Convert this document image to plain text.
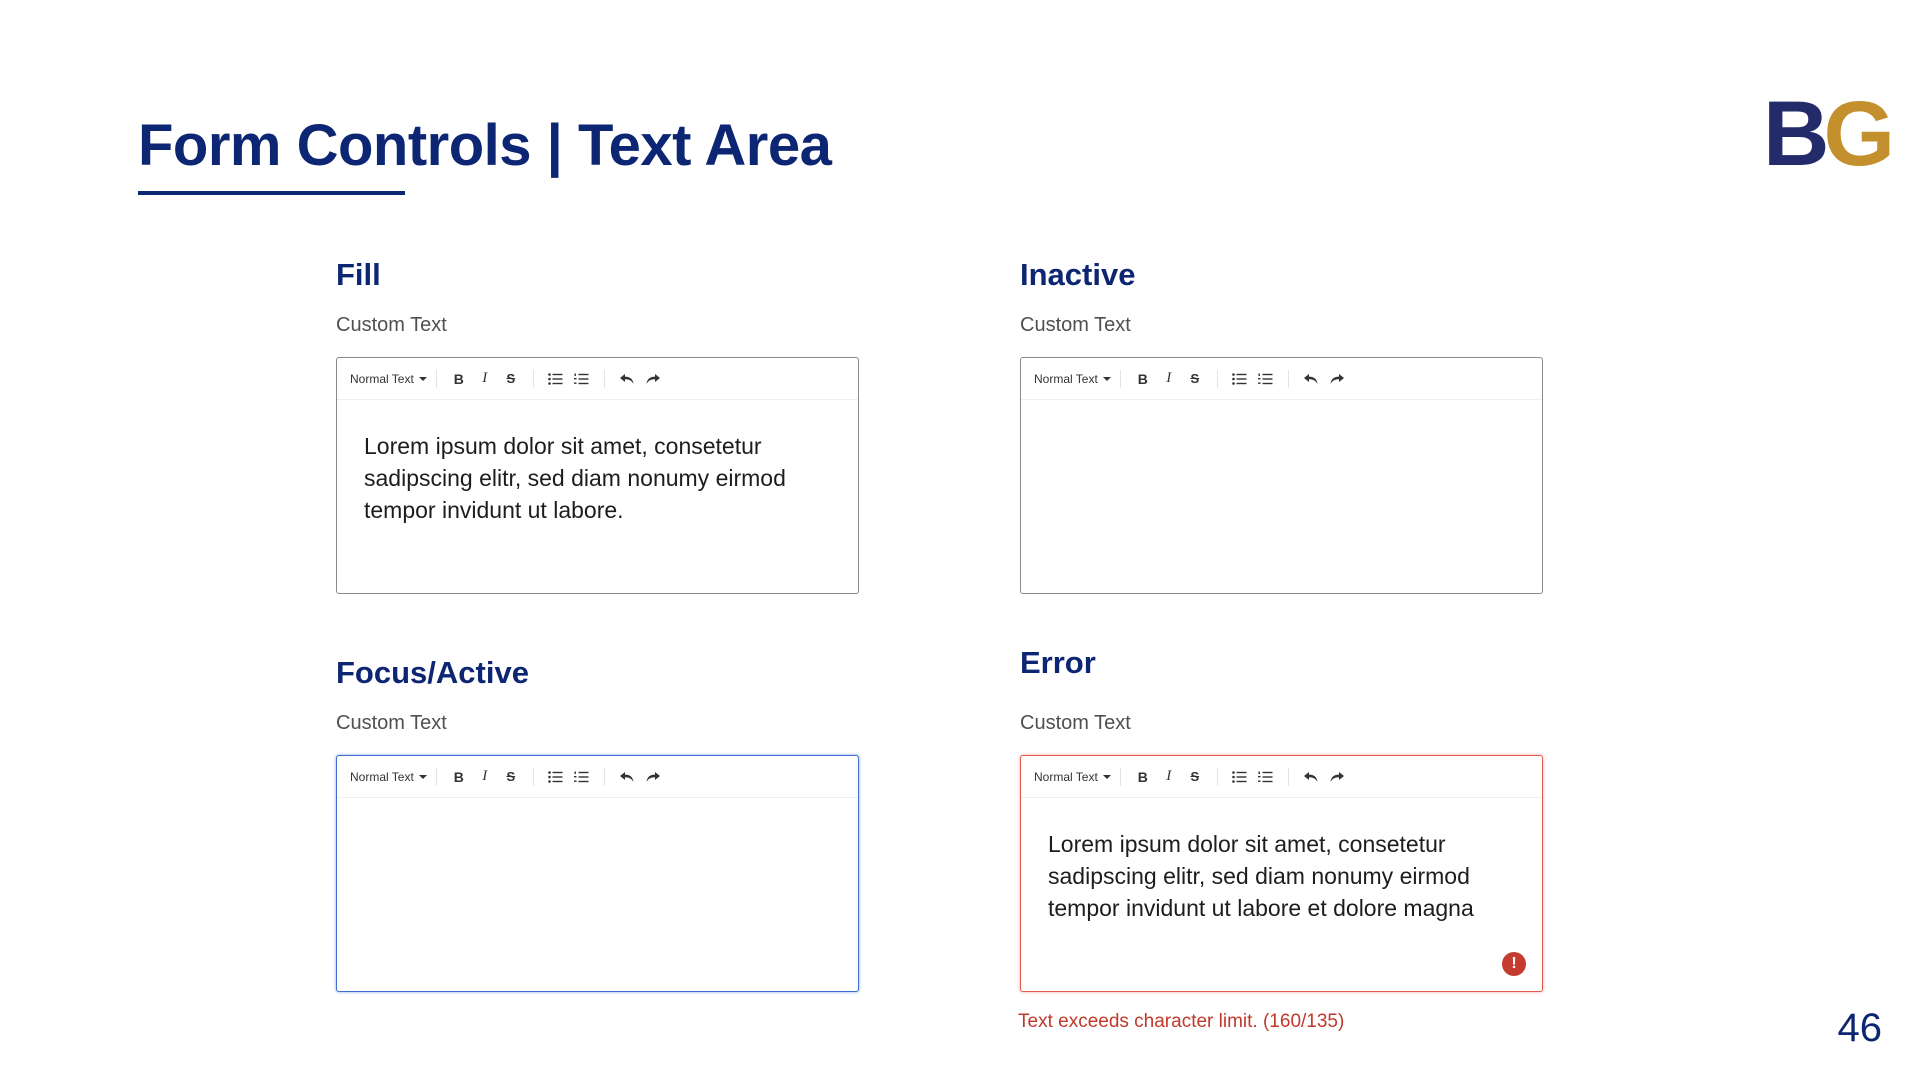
Form Controls | Text Area	BG
Fill
Custom Text
Normal Text	B	I	S
Lorem ipsum dolor sit amet, consetetur sadipscing elitr, sed diam nonumy eirmod tempor invidunt ut labore.
Inactive
Custom Text
Normal Text	B	I	S
Focus/Active
Custom Text
Normal Text	B	I	S
Error
Custom Text
Normal Text	B	I	S
Lorem ipsum dolor sit amet, consetetur sadipscing elitr, sed diam nonumy eirmod tempor invidunt ut labore et dolore magna
!
Text exceeds character limit. (160/135)	46
